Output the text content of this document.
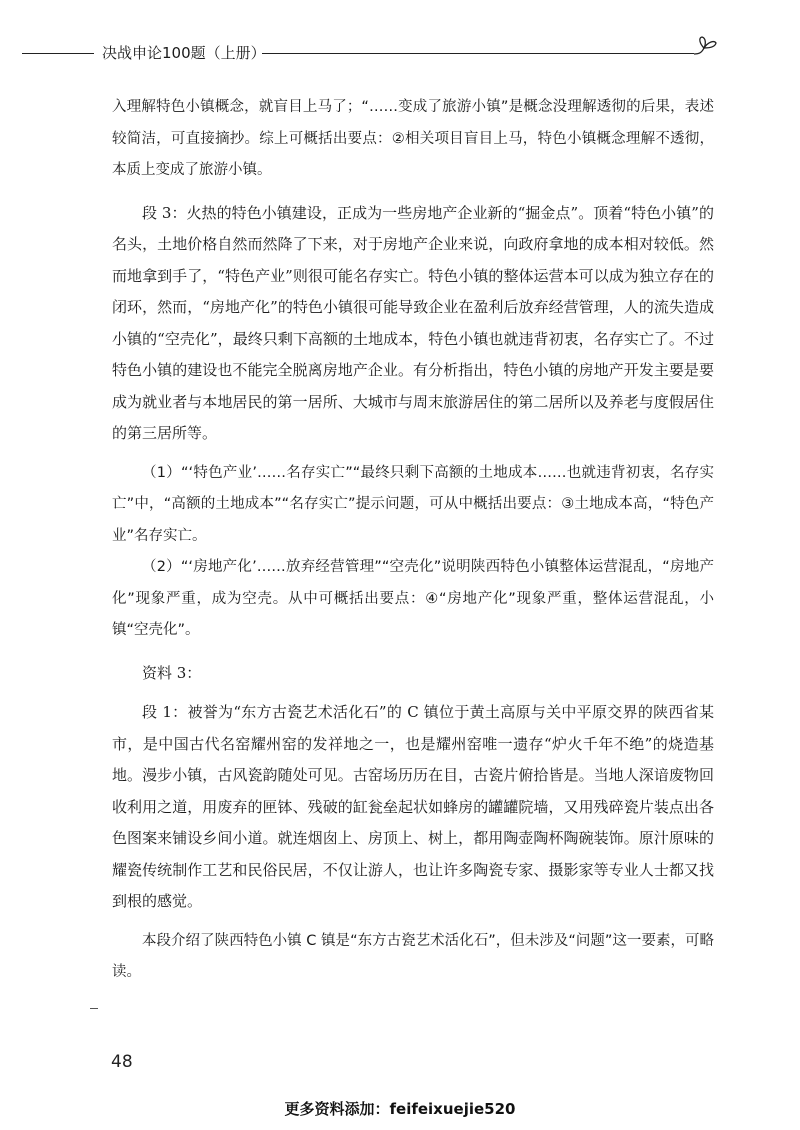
决战申论100题（上册）

入理解特色小镇概念，就盲目上马了；“……变成了旅游小镇”是概念没理解透彻的后果，表述较简洁，可直接摘抄。综上可概括出要点：②相关项目盲目上马，特色小镇概念理解不透彻，本质上变成了旅游小镇。

段 3：火热的特色小镇建设，正成为一些房地产企业新的“掘金点”。顶着“特色小镇”的名头，土地价格自然而然降了下来，对于房地产企业来说，向政府拿地的成本相对较低。然而地拿到手了，“特色产业”则很可能名存实亡。特色小镇的整体运营本可以成为独立存在的闭环，然而，“房地产化”的特色小镇很可能导致企业在盈利后放弃经营管理，人的流失造成小镇的“空壳化”，最终只剩下高额的土地成本，特色小镇也就违背初衷，名存实亡了。不过特色小镇的建设也不能完全脱离房地产企业。有分析指出，特色小镇的房地产开发主要是要成为就业者与本地居民的第一居所、大城市与周末旅游居住的第二居所以及养老与度假居住的第三居所等。

（1）“‘特色产业’……名存实亡”“最终只剩下高额的土地成本……也就违背初衷，名存实亡”中，“高额的土地成本”“名存实亡”提示问题，可从中概括出要点：③土地成本高，“特色产业”名存实亡。

（2）“‘房地产化’……放弃经营管理”“空壳化”说明陕西特色小镇整体运营混乱，“房地产化”现象严重，成为空壳。从中可概括出要点：④“房地产化”现象严重，整体运营混乱，小镇“空壳化”。

资料 3：

段 1：被誉为“东方古瓷艺术活化石”的 C 镇位于黄土高原与关中平原交界的陕西省某市，是中国古代名窑耀州窑的发祥地之一，也是耀州窑唯一遗存“炉火千年不绝”的烧造基地。漫步小镇，古风瓷韵随处可见。古窑场历历在目，古瓷片俯拾皆是。当地人深谙废物回收利用之道，用废弃的匣钵、残破的缸瓮垒起状如蜂房的罐罐院墙，又用残碎瓷片装点出各色图案来铺设乡间小道。就连烟囱上、房顶上、树上，都用陶壶陶杯陶碗装饰。原汁原味的耀瓷传统制作工艺和民俗民居，不仅让游人，也让许多陶瓷专家、摄影家等专业人士都又找到根的感觉。

本段介绍了陕西特色小镇 C 镇是“东方古瓷艺术活化石”，但未涉及“问题”这一要素，可略读。

48
更多资料添加：feifeixuejie520
